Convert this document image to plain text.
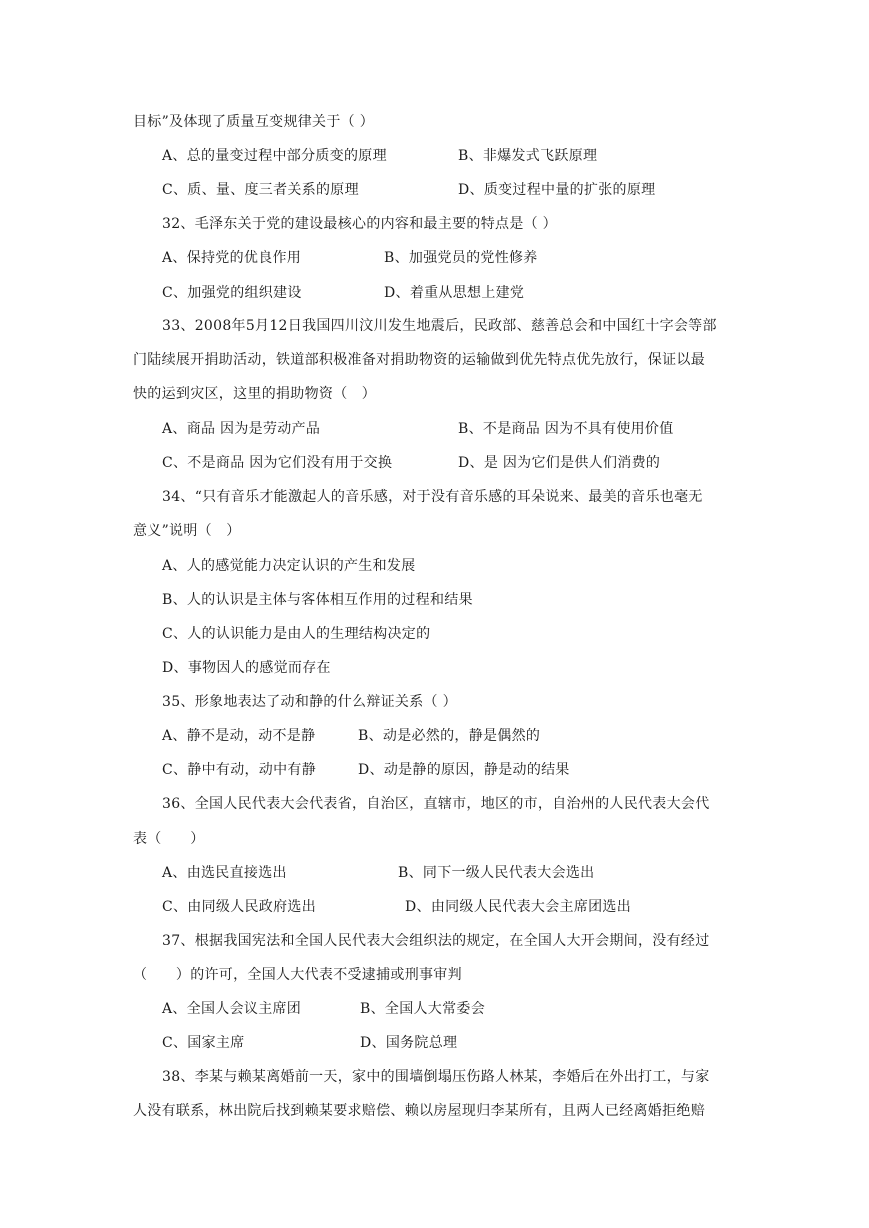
目标”及体现了质量互变规律关于（ ）
A、总的量变过程中部分质变的原理	B、非爆发式飞跃原理
C、质、量、度三者关系的原理	D、质变过程中量的扩张的原理
32、毛泽东关于党的建设最核心的内容和最主要的特点是（ ）
A、保持党的优良作用	B、加强党员的党性修养
C、加强党的组织建设	D、着重从思想上建党
33、2008年5月12日我国四川汶川发生地震后，民政部、慈善总会和中国红十字会等部
门陆续展开捐助活动，铁道部积极准备对捐助物资的运输做到优先特点优先放行，保证以最
快的运到灾区，这里的捐助物资（　）
A、商品 因为是劳动产品	B、不是商品 因为不具有使用价值
C、不是商品 因为它们没有用于交换	D、是 因为它们是供人们消费的
34、“只有音乐才能激起人的音乐感，对于没有音乐感的耳朵说来、最美的音乐也毫无
意义”说明（　）
A、人的感觉能力决定认识的产生和发展
B、人的认识是主体与客体相互作用的过程和结果
C、人的认识能力是由人的生理结构决定的
D、事物因人的感觉而存在
35、形象地表达了动和静的什么辩证关系（ ）
A、静不是动，动不是静	B、动是必然的，静是偶然的
C、静中有动，动中有静	D、动是静的原因，静是动的结果
36、全国人民代表大会代表省，自治区，直辖市，地区的市，自治州的人民代表大会代
表（　　）
A、由选民直接选出	B、同下一级人民代表大会选出
C、由同级人民政府选出	D、由同级人民代表大会主席团选出
37、根据我国宪法和全国人民代表大会组织法的规定，在全国人大开会期间，没有经过
（　　）的许可，全国人大代表不受逮捕或刑事审判
A、全国人会议主席团	B、全国人大常委会
C、国家主席	D、国务院总理
38、李某与赖某离婚前一天，家中的围墙倒塌压伤路人林某，李婚后在外出打工，与家
人没有联系，林出院后找到赖某要求赔偿、赖以房屋现归李某所有，且两人已经离婚拒绝赔
